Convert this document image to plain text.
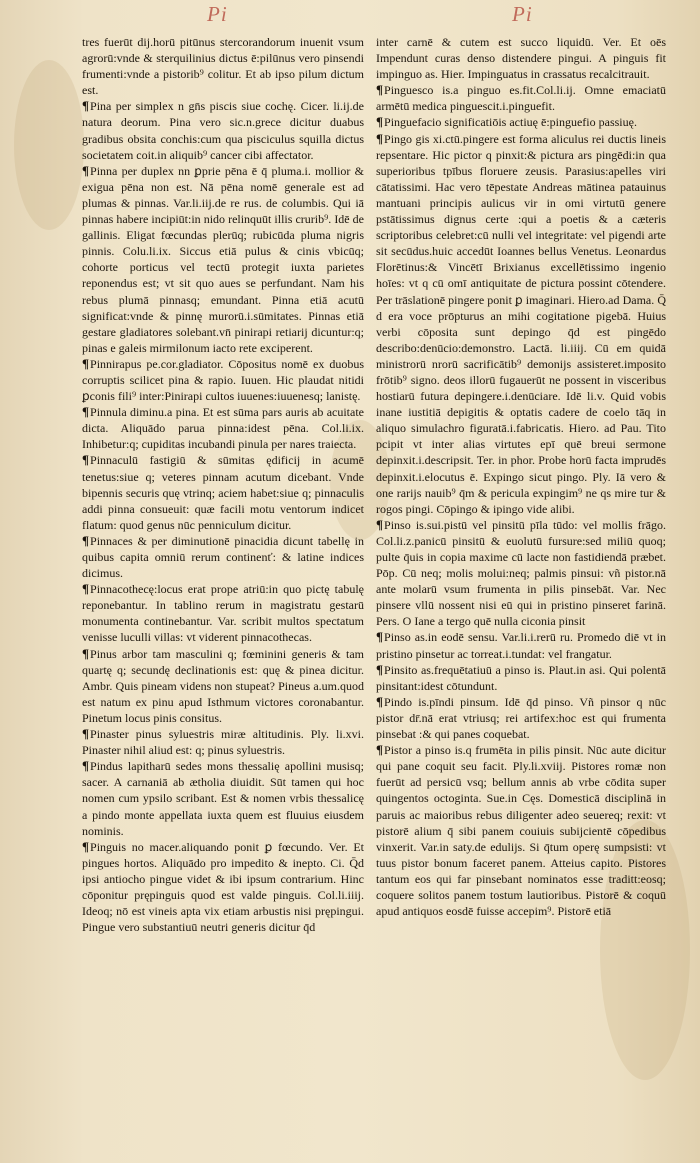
Pi	Pi

tres fuerūt dij.horū pitūnus stercorandorum inuenit vsum agrorū:vnde & sterquilinius dictus ē:pilūnus vero pinsendi frumenti:vnde a pistorib⁹ colitur. Et ab ipso pilum dictum est.

¶Pina per simplex n gn̄s piscis siue cochę. Cicer. li.ij.de natura deorum. Pina vero sic.n.grece dicitur duabus gradibus obsita conchis:cum qua pisciculus squilla dictus societatem coit.in aliquib⁹ cancer cibi affectator.

¶Pinna per duplex nn ꝑprie pēna ē q̄ pluma.i. mollior & exigua pēna non est. Nā pēna nomē generale est ad plumas & pinnas. Var.li.iij.de re rus. de columbis. Qui iā pinnas habere incipiūt:in nido relinquūt illis crurib⁹. Idē de gallinis. Eligat fœcundas plerūq; rubicūda pluma nigris pinnis. Colu.li.ix. Siccus etiā pulus & cinis vbicūq; cohorte porticus vel tectū protegit iuxta parietes reponendus est; vt sit quo aues se perfundant. Nam his rebus plumā pinnasq; emundant. Pinna etiā acutū significat:vnde & pinnę murorū.i.sūmitates. Pinnas etiā gestare gladiatores solebant.vn̄ pinirapi retiarij dicuntur:q; pinas e galeis mirmilonum iacto rete exciperent.

¶Pinnirapus pe.cor.gladiator. Cōpositus nomē ex duobus corruptis scilicet pina & rapio. Iuuen. Hic plaudat nitidi ꝑconis fili⁹ inter:Pinirapi cultos iuuenes:iuuenesq; lanistę.

¶Pinnula diminu.a pina. Et est sūma pars auris ab acuitate dicta. Aliquādo parua pinna:idest pēna. Col.li.ix. Inhibetur:q; cupiditas incubandi pinula per nares traiecta.

¶Pinnaculū fastigiū & sūmitas ędificij in acumē tenetus:siue q; veteres pinnam acutum dicebant. Vnde bipennis securis quę vtrinq; aciem habet:siue q; pinnaculis addi pinna consueuit: quæ facili motu ventorum indicet flatum: quod genus nūc penniculum dicitur.

¶Pinnaces & per diminutionē pinacidia dicunt tabellę in quibus capita omniū rerum continenť: & latine indices dicimus.

¶Pinnacothecę:locus erat prope atriū:in quo pictę tabulę reponebantur. In tablino rerum in magistratu gestarū monumenta continebantur. Var. scribit multos spectatum venisse luculli villas: vt viderent pinnacothecas.

¶Pinus arbor tam masculini q; fœminini generis & tam quartę q; secundę declinationis est: quę & pinea dicitur. Ambr. Quis pineam videns non stupeat? Pineus a.um.quod est natum ex pinu apud Isthmum victores coronabantur. Pinetum locus pinis consitus.

¶Pinaster pinus syluestris miræ altitudinis. Ply. li.xvi. Pinaster nihil aliud est: q; pinus syluestris.

¶Pindus lapitharū sedes mons thessalię apollini musisq; sacer. A carnaniā ab ætholia diuidit. Sūt tamen qui hoc nomen cum ypsilo scribant. Est & nomen vrbis thessalicę a pindo monte appellata iuxta quem est fluuius eiusdem nominis.

¶Pinguis no macer.aliquando ponit ꝑ fœcundo. Ver. Et pingues hortos. Aliquādo pro impedito & inepto. Ci. Q̄d ipsi antiocho pingue videt & ibi ipsum contrarium. Hinc cōponitur prępinguis quod est valde pinguis. Col.li.iiij. Ideoq; nō est vineis apta vix etiam arbustis nisi prępingui. Pingue vero substantiuū neutri generis dicitur q̄d

inter carnē & cutem est succo liquidū. Ver. Et oēs Impendunt curas denso distendere pingui. A pinguis fit impinguo as. Hier. Impinguatus in crassatus recalcitrauit.

¶Pinguesco is.a pinguo es.fit.Col.li.ij. Omne emaciatū armētū medica pinguescit.i.pinguefit.

¶Pinguefacio significatiōis actiuę ē:pinguefio passiuę.

¶Pingo gis xi.ctū.pingere est forma aliculus rei ductis lineis repsentare. Hic pictor q pinxit:& pictura ars pingēdi:in qua superioribus tpībus floruere zeusis. Parasius:apelles viri cātatissimi. Hac vero tēpestate Andreas mātinea patauinus mantuani principis aulicus vir in omi virtutū genere pstātissimus dignus certe :qui a poetis & a cæteris scriptoribus celebret:cū nulli vel integritate: vel pigendi arte sit secūdus.huic accedūt Ioannes bellus Venetus. Leonardus Florētinus:& Vincētī Brixianus excellētissimo ingenio hoīes: vt q cū omī antiquitate de pictura possint cōtendere. Per trāslationē pingere ponit ꝑ imaginari. Hiero.ad Dama. Q̄ d era voce prōpturus an mihi cogitatione pigebā. Huius verbi cōposita sunt depingo q̄d est pingēdo describo:denūcio:demonstro. Lactā. li.iiij. Cū em quidā ministrorū nrorū sacrificātib⁹ demonijs assisteret.imposito frōtib⁹ signo. deos illorū fugauerūt ne possent in visceribus hostiarū futura depingere.i.denūciare. Idē li.v. Quid vobis inane iustitiā depigitis & optatis cadere de coelo tāq in aliquo simulachro figuratā.i.fabricatis. Hiero. ad Pau. Tito pcipit vt inter alias virtutes epī quē breui sermone depinxit.i.descripsit. Ter. in phor. Probe horū facta imprudēs depinxit.i.elocutus ē. Expingo sicut pingo. Ply. Iā vero & one rarijs nauib⁹ q̄m & pericula expingim⁹ ne qs mire tur & rogos pingi. Cōpingo & ipingo vide alibi.

¶Pinso is.sui.pistū vel pinsitū pīla tūdo: vel mollis frāgo. Col.li.z.panicū pinsitū & euolutū fursure:sed miliū quoq; pulte q̄uis in copia maxime cū lacte non fastidiendā præbet. Pōp. Cū neq; molis molui:neq; palmis pinsui: vñ pistor.nā ante molarū vsum frumenta in pilis pinsebāt. Var. Nec pinsere vllū nossent nisi eū qui in pristino pinseret farinā. Pers. O Iane a tergo quē nulla ciconia pinsit

¶Pinso as.in eodē sensu. Var.li.i.rerū ru. Promedo diē vt in pristino pinsetur ac torreat.i.tundat: vel frangatur.

¶Pinsito as.frequētatiuū a pinso is. Plaut.in asi. Qui polentā pinsitant:idest cōtundunt.

¶Pindo is.pīndi pinsum. Idē q̄d pinso. Vñ pinsor q nūc pistor dr̄.nā erat vtriusq; rei artifex:hoc est qui frumenta pinsebat :& qui panes coquebat.

¶Pistor a pinso is.q frumēta in pilis pinsit. Nūc aute dicitur qui pane coquit seu facit. Ply.li.xviij. Pistores romæ non fuerūt ad persicū vsq; bellum annis ab vrbe cōdita super quingentos octoginta. Sue.in Cęs. Domesticā disciplinā in paruis ac maioribus rebus diligenter adeo seuereq; rexit: vt pistorē alium q̄ sibi panem couiuis subijcientē cōpedibus vinxerit. Var.in saty.de edulijs. Si q̄tum operę sumpsisti: vt tuus pistor bonum faceret panem. Atteius capito. Pistores tantum eos qui far pinsebant nominatos esse traditt:eosq; coquere solitos panem tostum lautioribus. Pistorē & coquū apud antiquos eosdē fuisse accepim⁹. Pistorē etiā
